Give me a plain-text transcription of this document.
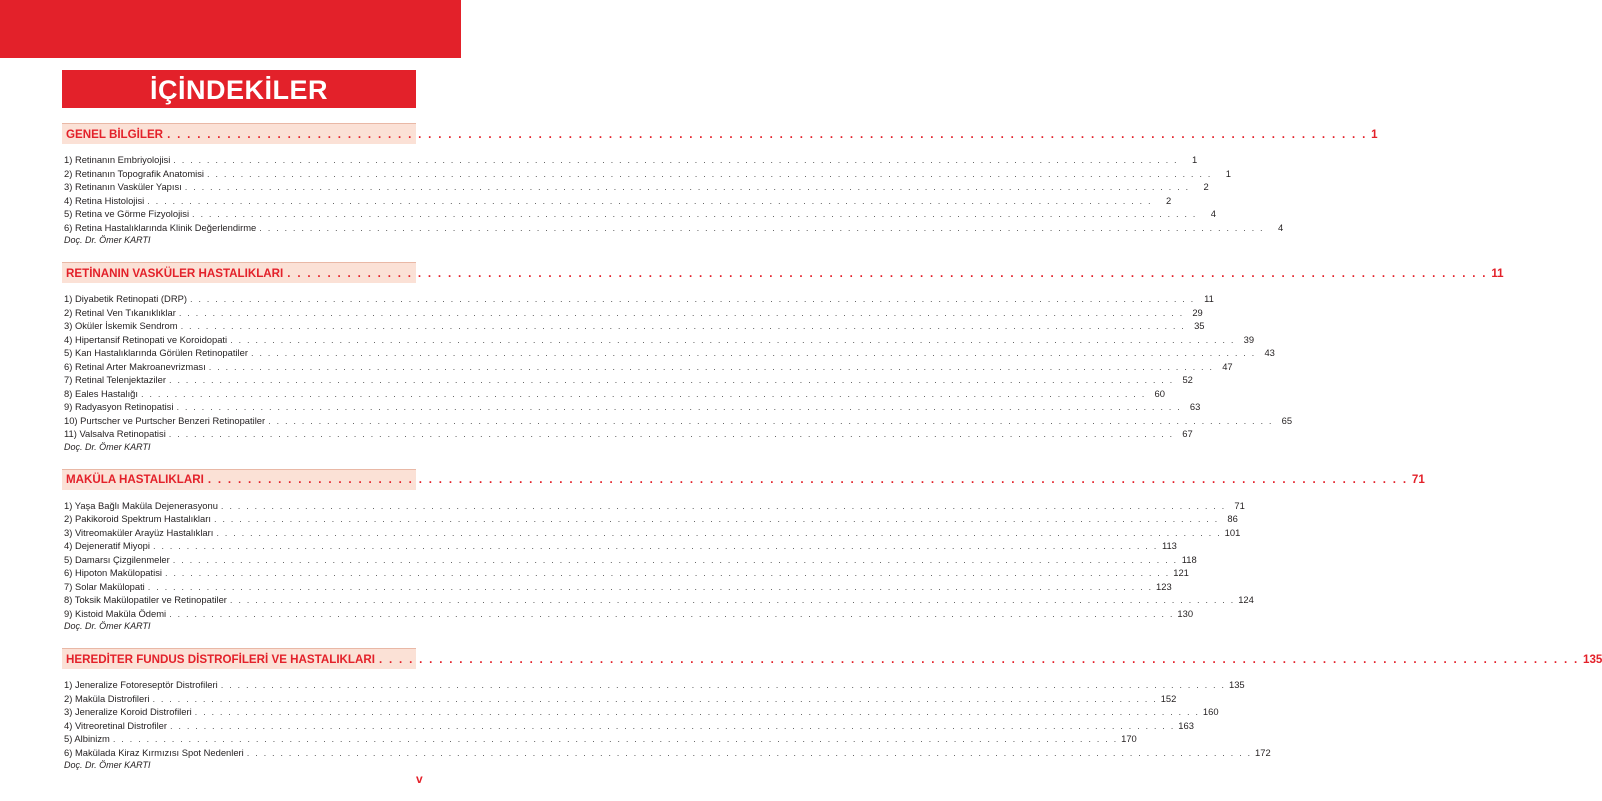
İÇİNDEKİLER
GENEL BİLGİLER . . . . . . . . . . . . . . . . . . . . . . . . . . . . . . . . . . . . . . . . . . . . . . . . . . . . . . . . . . . . . . . . . . . . . . . . . . . . . . . . . . . . . . . . . . . . . . . . . . . . . . . . . . . . . . . . . . . . . . . . 1
1) Retinanın Embriyolojisi . . . . . . . . . . . . . . . . . . . . . . . . . . . . . . . . . . . . . . . . . . . . . . . . . . . . . . . . . . . . . . . . . . . . . . . . . . . . . . . . . . . . . . . . . . . . . . . . . . . . . . . . . . . . . . . . . . . . . . . .	1
2) Retinanın Topografik Anatomisi . . . . . . . . . . . . . . . . . . . . . . . . . . . . . . . . . . . . . . . . . . . . . . . . . . . . . . . . . . . . . . . . . . . . . . . . . . . . . . . . . . . . . . . . . . . . . . . . . . . . . . . . . . . . . . . . . . . . . . . .	1
3) Retinanın Vasküler Yapısı . . . . . . . . . . . . . . . . . . . . . . . . . . . . . . . . . . . . . . . . . . . . . . . . . . . . . . . . . . . . . . . . . . . . . . . . . . . . . . . . . . . . . . . . . . . . . . . . . . . . . . . . . . . . . . . . . . . . . . . .	2
4) Retina Histolojisi . . . . . . . . . . . . . . . . . . . . . . . . . . . . . . . . . . . . . . . . . . . . . . . . . . . . . . . . . . . . . . . . . . . . . . . . . . . . . . . . . . . . . . . . . . . . . . . . . . . . . . . . . . . . . . . . . . . . . . . .	2
5) Retina ve Görme Fizyolojisi . . . . . . . . . . . . . . . . . . . . . . . . . . . . . . . . . . . . . . . . . . . . . . . . . . . . . . . . . . . . . . . . . . . . . . . . . . . . . . . . . . . . . . . . . . . . . . . . . . . . . . . . . . . . . . . . . . . . . . . .	4
6) Retina Hastalıklarında Klinik Değerlendirme . . . . . . . . . . . . . . . . . . . . . . . . . . . . . . . . . . . . . . . . . . . . . . . . . . . . . . . . . . . . . . . . . . . . . . . . . . . . . . . . . . . . . . . . . . . . . . . . . . . . . . . . . . . . . . . . . . . . . . . .	4
Doç. Dr. Ömer KARTI
RETİNANIN VASKÜLER HASTALIKLARI . . . . . . . . . . . . . . . . . . . . . . . . . . . . . . . . . . . . . . . . . . . . . . . . . . . . . . . . . . . . . . . . . . . . . . . . . . . . . . . . . . . . . . . . . . . . . . . . . . . . . . . . . . . . . . . . . . . . . . . . 11
1) Diyabetik Retinopati (DRP) . . . . . . . . . . . . . . . . . . . . . . . . . . . . . . . . . . . . . . . . . . . . . . . . . . . . . . . . . . . . . . . . . . . . . . . . . . . . . . . . . . . . . . . . . . . . . . . . . . . . . . . . . . . . . . . . . . . . . . . . 11
2) Retinal Ven Tıkanıklıklar . . . . . . . . . . . . . . . . . . . . . . . . . . . . . . . . . . . . . . . . . . . . . . . . . . . . . . . . . . . . . . . . . . . . . . . . . . . . . . . . . . . . . . . . . . . . . . . . . . . . . . . . . . . . . . . . . . . . . . . . 29
3) Oküler İskemik Sendrom . . . . . . . . . . . . . . . . . . . . . . . . . . . . . . . . . . . . . . . . . . . . . . . . . . . . . . . . . . . . . . . . . . . . . . . . . . . . . . . . . . . . . . . . . . . . . . . . . . . . . . . . . . . . . . . . . . . . . . . . 35
4) Hipertansif Retinopati ve Koroidopati . . . . . . . . . . . . . . . . . . . . . . . . . . . . . . . . . . . . . . . . . . . . . . . . . . . . . . . . . . . . . . . . . . . . . . . . . . . . . . . . . . . . . . . . . . . . . . . . . . . . . . . . . . . . . . . . . . . . . . . . 39
5) Kan Hastalıklarında Görülen Retinopatiler . . . . . . . . . . . . . . . . . . . . . . . . . . . . . . . . . . . . . . . . . . . . . . . . . . . . . . . . . . . . . . . . . . . . . . . . . . . . . . . . . . . . . . . . . . . . . . . . . . . . . . . . . . . . . . . . . . . . . . . . 43
6) Retinal Arter Makroanevrizması . . . . . . . . . . . . . . . . . . . . . . . . . . . . . . . . . . . . . . . . . . . . . . . . . . . . . . . . . . . . . . . . . . . . . . . . . . . . . . . . . . . . . . . . . . . . . . . . . . . . . . . . . . . . . . . . . . . . . . . . 47
7) Retinal Telenjektaziler . . . . . . . . . . . . . . . . . . . . . . . . . . . . . . . . . . . . . . . . . . . . . . . . . . . . . . . . . . . . . . . . . . . . . . . . . . . . . . . . . . . . . . . . . . . . . . . . . . . . . . . . . . . . . . . . . . . . . . . . 52
8) Eales Hastalığı . . . . . . . . . . . . . . . . . . . . . . . . . . . . . . . . . . . . . . . . . . . . . . . . . . . . . . . . . . . . . . . . . . . . . . . . . . . . . . . . . . . . . . . . . . . . . . . . . . . . . . . . . . . . . . . . . . . . . . . . 60
9) Radyasyon Retinopatisi . . . . . . . . . . . . . . . . . . . . . . . . . . . . . . . . . . . . . . . . . . . . . . . . . . . . . . . . . . . . . . . . . . . . . . . . . . . . . . . . . . . . . . . . . . . . . . . . . . . . . . . . . . . . . . . . . . . . . . . . 63
10) Purtscher ve Purtscher Benzeri Retinopatiler . . . . . . . . . . . . . . . . . . . . . . . . . . . . . . . . . . . . . . . . . . . . . . . . . . . . . . . . . . . . . . . . . . . . . . . . . . . . . . . . . . . . . . . . . . . . . . . . . . . . . . . . . . . . . . . . . . . . . . . . 65
11) Valsalva Retinopatisi . . . . . . . . . . . . . . . . . . . . . . . . . . . . . . . . . . . . . . . . . . . . . . . . . . . . . . . . . . . . . . . . . . . . . . . . . . . . . . . . . . . . . . . . . . . . . . . . . . . . . . . . . . . . . . . . . . . . . . . . 67
Doç. Dr. Ömer KARTI
MAKÜLA HASTALIKLARI . . . . . . . . . . . . . . . . . . . . . . . . . . . . . . . . . . . . . . . . . . . . . . . . . . . . . . . . . . . . . . . . . . . . . . . . . . . . . . . . . . . . . . . . . . . . . . . . . . . . . . . . . . . . . . . . . . . . . . . . 71
1) Yaşa Bağlı Maküla Dejenerasyonu . . . . . . . . . . . . . . . . . . . . . . . . . . . . . . . . . . . . . . . . . . . . . . . . . . . . . . . . . . . . . . . . . . . . . . . . . . . . . . . . . . . . . . . . . . . . . . . . . . . . . . . . . . . . . . . . . . . . . . . . 71
2) Pakikoroid Spektrum Hastalıkları . . . . . . . . . . . . . . . . . . . . . . . . . . . . . . . . . . . . . . . . . . . . . . . . . . . . . . . . . . . . . . . . . . . . . . . . . . . . . . . . . . . . . . . . . . . . . . . . . . . . . . . . . . . . . . . . . . . . . . . . 86
3) Vitreomaküler Arayüz Hastalıkları . . . . . . . . . . . . . . . . . . . . . . . . . . . . . . . . . . . . . . . . . . . . . . . . . . . . . . . . . . . . . . . . . . . . . . . . . . . . . . . . . . . . . . . . . . . . . . . . . . . . . . . . . . . . . . . . . . . . . . . . 101
4) Dejeneratif Miyopi . . . . . . . . . . . . . . . . . . . . . . . . . . . . . . . . . . . . . . . . . . . . . . . . . . . . . . . . . . . . . . . . . . . . . . . . . . . . . . . . . . . . . . . . . . . . . . . . . . . . . . . . . . . . . . . . . . . . . . . . 113
5) Damarsı Çizgilenmeler . . . . . . . . . . . . . . . . . . . . . . . . . . . . . . . . . . . . . . . . . . . . . . . . . . . . . . . . . . . . . . . . . . . . . . . . . . . . . . . . . . . . . . . . . . . . . . . . . . . . . . . . . . . . . . . . . . . . . . . . 118
6) Hipoton Makülopatisi . . . . . . . . . . . . . . . . . . . . . . . . . . . . . . . . . . . . . . . . . . . . . . . . . . . . . . . . . . . . . . . . . . . . . . . . . . . . . . . . . . . . . . . . . . . . . . . . . . . . . . . . . . . . . . . . . . . . . . . . 121
7) Solar Makülopati . . . . . . . . . . . . . . . . . . . . . . . . . . . . . . . . . . . . . . . . . . . . . . . . . . . . . . . . . . . . . . . . . . . . . . . . . . . . . . . . . . . . . . . . . . . . . . . . . . . . . . . . . . . . . . . . . . . . . . . . 123
8) Toksik Makülopatiler ve Retinopatiler . . . . . . . . . . . . . . . . . . . . . . . . . . . . . . . . . . . . . . . . . . . . . . . . . . . . . . . . . . . . . . . . . . . . . . . . . . . . . . . . . . . . . . . . . . . . . . . . . . . . . . . . . . . . . . . . . . . . . . . . 124
9) Kistoid Maküla Ödemi . . . . . . . . . . . . . . . . . . . . . . . . . . . . . . . . . . . . . . . . . . . . . . . . . . . . . . . . . . . . . . . . . . . . . . . . . . . . . . . . . . . . . . . . . . . . . . . . . . . . . . . . . . . . . . . . . . . . . . . . 130
Doç. Dr. Ömer KARTI
HEREDİTER FUNDUS DİSTROFİLERİ VE HASTALIKLARI . . . . . . . . . . . . . . . . . . . . . . . . . . . . . . . . . . . . . . . . . . . . . . . . . . . . . . . . . . . . . . . . . . . . . . . . . . . . . . . . . . . . . . . . . . . . . . . . . . . . . . . . . . . . . . . . . . . . . . . . 135
1) Jeneralize Fotoreseptör Distrofileri . . . . . . . . . . . . . . . . . . . . . . . . . . . . . . . . . . . . . . . . . . . . . . . . . . . . . . . . . . . . . . . . . . . . . . . . . . . . . . . . . . . . . . . . . . . . . . . . . . . . . . . . . . . . . . . . . . . . . . . . 135
2) Maküla Distrofileri . . . . . . . . . . . . . . . . . . . . . . . . . . . . . . . . . . . . . . . . . . . . . . . . . . . . . . . . . . . . . . . . . . . . . . . . . . . . . . . . . . . . . . . . . . . . . . . . . . . . . . . . . . . . . . . . . . . . . . . . 152
3) Jeneralize Koroid Distrofileri . . . . . . . . . . . . . . . . . . . . . . . . . . . . . . . . . . . . . . . . . . . . . . . . . . . . . . . . . . . . . . . . . . . . . . . . . . . . . . . . . . . . . . . . . . . . . . . . . . . . . . . . . . . . . . . . . . . . . . . . 160
4) Vitreoretinal Distrofiler . . . . . . . . . . . . . . . . . . . . . . . . . . . . . . . . . . . . . . . . . . . . . . . . . . . . . . . . . . . . . . . . . . . . . . . . . . . . . . . . . . . . . . . . . . . . . . . . . . . . . . . . . . . . . . . . . . . . . . . . 163
5) Albinizm . . . . . . . . . . . . . . . . . . . . . . . . . . . . . . . . . . . . . . . . . . . . . . . . . . . . . . . . . . . . . . . . . . . . . . . . . . . . . . . . . . . . . . . . . . . . . . . . . . . . . . . . . . . . . . . . . . . . . . . . 170
6) Makülada Kiraz Kırmızısı Spot Nedenleri . . . . . . . . . . . . . . . . . . . . . . . . . . . . . . . . . . . . . . . . . . . . . . . . . . . . . . . . . . . . . . . . . . . . . . . . . . . . . . . . . . . . . . . . . . . . . . . . . . . . . . . . . . . . . . . . . . . . . . . . 172
Doç. Dr. Ömer KARTI
v
